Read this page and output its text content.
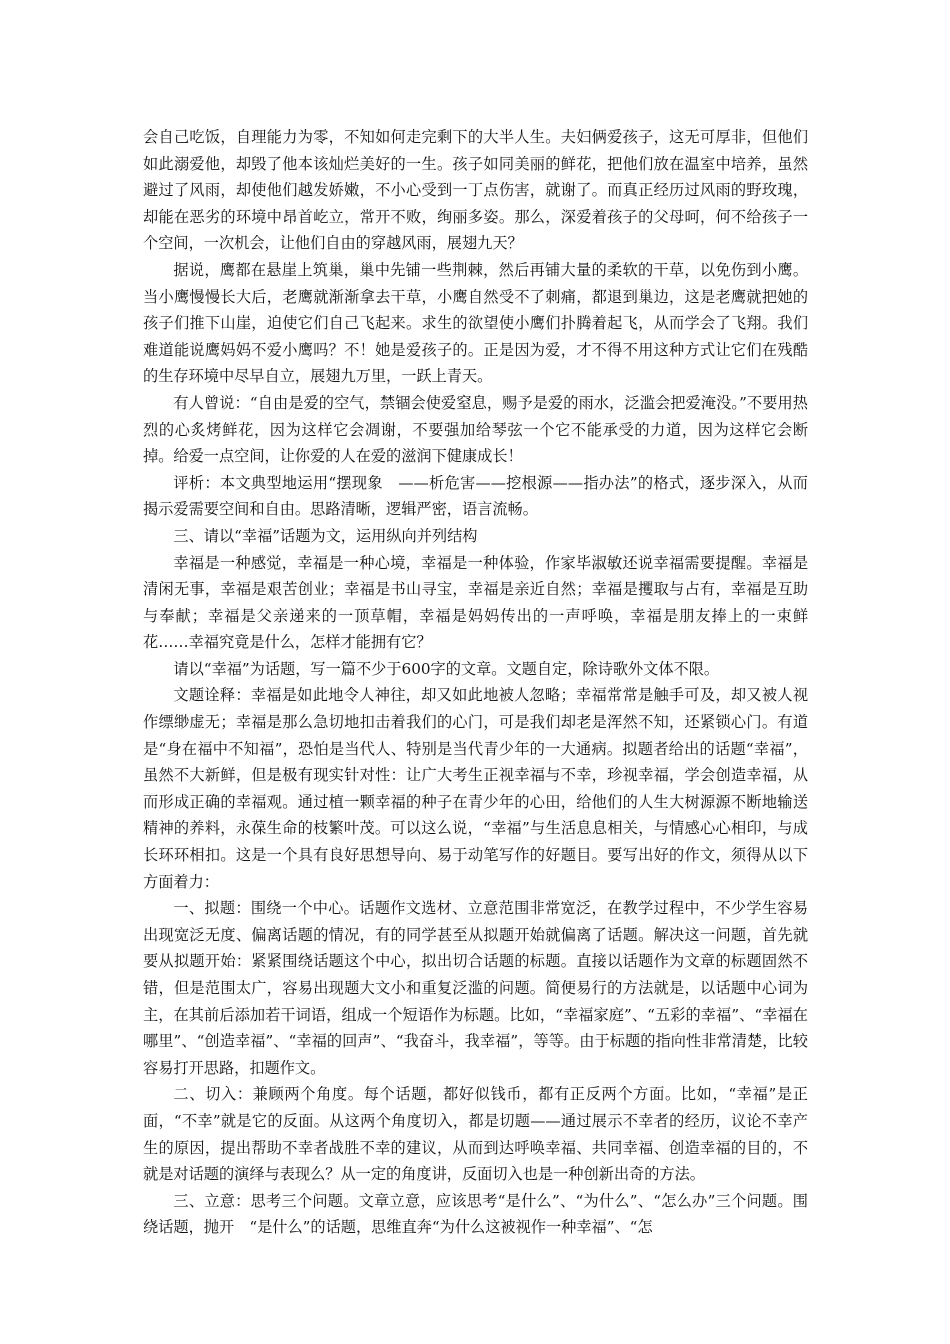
会自己吃饭，自理能力为零，不知如何走完剩下的大半人生。夫妇俩爱孩子，这无可厚非，但他们如此溺爱他，却毁了他本该灿烂美好的一生。孩子如同美丽的鲜花，把他们放在温室中培养，虽然避过了风雨，却使他们越发娇嫩，不小心受到一丁点伤害，就谢了。而真正经历过风雨的野玫瑰，却能在恶劣的环境中昂首屹立，常开不败，绚丽多姿。那么，深爱着孩子的父母呵，何不给孩子一个空间，一次机会，让他们自由的穿越风雨，展翅九天？

据说，鹰都在悬崖上筑巢，巢中先铺一些荆棘，然后再铺大量的柔软的干草，以免伤到小鹰。当小鹰慢慢长大后，老鹰就渐渐拿去干草，小鹰自然受不了刺痛，都退到巢边，这是老鹰就把她的孩子们推下山崖，迫使它们自己飞起来。求生的欲望使小鹰们扑腾着起飞，从而学会了飞翔。我们难道能说鹰妈妈不爱小鹰吗？不！她是爱孩子的。正是因为爱，才不得不用这种方式让它们在残酷的生存环境中尽早自立，展翅九万里，一跃上青天。

有人曾说：“自由是爱的空气，禁锢会使爱窒息，赐予是爱的雨水，泛滥会把爱淹没。”不要用热烈的心炙烤鲜花，因为这样它会凋谢，不要强加给琴弦一个它不能承受的力道，因为这样它会断掉。给爱一点空间，让你爱的人在爱的滋润下健康成长！

评析：本文典型地运用“摆现象　——析危害——挖根源——指办法”的格式，逐步深入，从而揭示爱需要空间和自由。思路清晰，逻辑严密，语言流畅。

三、请以“幸福”话题为文，运用纵向并列结构

幸福是一种感觉，幸福是一种心境，幸福是一种体验，作家毕淑敏还说幸福需要提醒。幸福是清闲无事，幸福是艰苦创业；幸福是书山寻宝，幸福是亲近自然；幸福是攫取与占有，幸福是互助与奉献；幸福是父亲递来的一顶草帽，幸福是妈妈传出的一声呼唤，幸福是朋友捧上的一束鲜花……幸福究竟是什么，怎样才能拥有它？

请以“幸福”为话题，写一篇不少于600字的文章。文题自定，除诗歌外文体不限。

文题诠释：幸福是如此地令人神往，却又如此地被人忽略；幸福常常是触手可及，却又被人视作缥缈虚无；幸福是那么急切地扣击着我们的心门，可是我们却老是浑然不知，还紧锁心门。有道是“身在福中不知福”，恐怕是当代人、特别是当代青少年的一大通病。拟题者给出的话题“幸福”，虽然不大新鲜，但是极有现实针对性：让广大考生正视幸福与不幸，珍视幸福，学会创造幸福，从而形成正确的幸福观。通过植一颗幸福的种子在青少年的心田，给他们的人生大树源源不断地输送精神的养料，永葆生命的枝繁叶茂。可以这么说，“幸福”与生活息息相关，与情感心心相印，与成长环环相扣。这是一个具有良好思想导向、易于动笔写作的好题目。要写出好的作文，须得从以下方面着力：

一、拟题：围绕一个中心。话题作文选材、立意范围非常宽泛，在教学过程中，不少学生容易出现宽泛无度、偏离话题的情况，有的同学甚至从拟题开始就偏离了话题。解决这一问题，首先就要从拟题开始：紧紧围绕话题这个中心，拟出切合话题的标题。直接以话题作为文章的标题固然不错，但是范围太广，容易出现题大文小和重复泛滥的问题。简便易行的方法就是，以话题中心词为主，在其前后添加若干词语，组成一个短语作为标题。比如，“幸福家庭”、“五彩的幸福”、“幸福在哪里”、“创造幸福”、“幸福的回声”、“我奋斗，我幸福”，等等。由于标题的指向性非常清楚，比较容易打开思路，扣题作文。

二、切入：兼顾两个角度。每个话题，都好似钱币，都有正反两个方面。比如，“幸福”是正面，“不幸”就是它的反面。从这两个角度切入，都是切题——通过展示不幸者的经历，议论不幸产生的原因，提出帮助不幸者战胜不幸的建议，从而到达呼唤幸福、共同幸福、创造幸福的目的，不就是对话题的演绎与表现么？从一定的角度讲，反面切入也是一种创新出奇的方法。

三、立意：思考三个问题。文章立意，应该思考“是什么”、“为什么”、“怎么办”三个问题。围绕话题，抛开　“是什么”的话题，思维直奔“为什么这被视作一种幸福”、“怎
